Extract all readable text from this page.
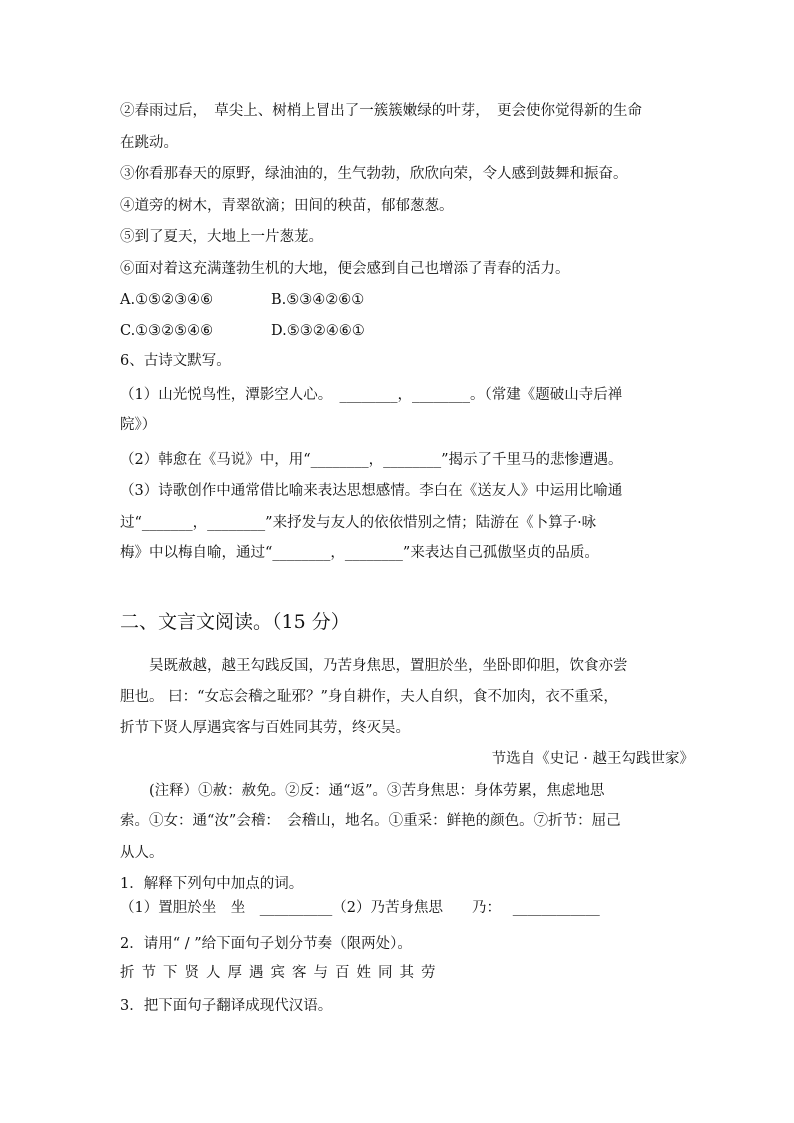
②春雨过后，　草尖上、树梢上冒出了一簇簇嫩绿的叶芽，　更会使你觉得新的生命
在跳动。
③你看那春天的原野，绿油油的，生气勃勃，欣欣向荣，令人感到鼓舞和振奋。
④道旁的树木，青翠欲滴；田间的秧苗，郁郁葱葱。
⑤到了夏天，大地上一片葱茏。
⑥面对着这充满蓬勃生机的大地，便会感到自己也增添了青春的活力。
A.①⑤②③④⑥	B.⑤③④②⑥①
C.①③②⑤④⑥	D.⑤③②④⑥①
6、古诗文默写。
（1）山光悦鸟性，潭影空人心。　________，________。（常建《题破山寺后禅
院》）
（2）韩愈在《马说》中，用“________，________”揭示了千里马的悲惨遭遇。
（3）诗歌创作中通常借比喻来表达思想感情。李白在《送友人》中运用比喻通
过“_______，________”来抒发与友人的依依惜别之情；陆游在《卜算子·咏
梅》中以梅自喻，通过“________，________”来表达自己孤傲坚贞的品质。
二、文言文阅读。（15 分）
　　吴既赦越，越王勾践反国，乃苦身焦思，置胆於坐，坐卧即仰胆，饮食亦尝
胆也。 曰：“女忘会稽之耻邪？”身自耕作，夫人自织，食不加肉，衣不重采，
折节下贤人厚遇宾客与百姓同其劳，终灭吴。
节选自《史记 · 越王勾践世家》
　　(注释）①赦：赦免。②反：通“返”。③苦身焦思：身体劳累，焦虑地思
索。①女：通“汝”会稽：　会稽山，地名。①重采：鲜艳的颜色。⑦折节：屈己
从人。
1．解释下列句中加点的词。
（1）置胆於坐　坐　__________（2）乃苦身焦思　　乃：　 ____________
2．请用“ / ”给下面句子划分节奏（限两处）。
折节下贤人厚遇宾客与百姓同其劳
3．把下面句子翻译成现代汉语。
